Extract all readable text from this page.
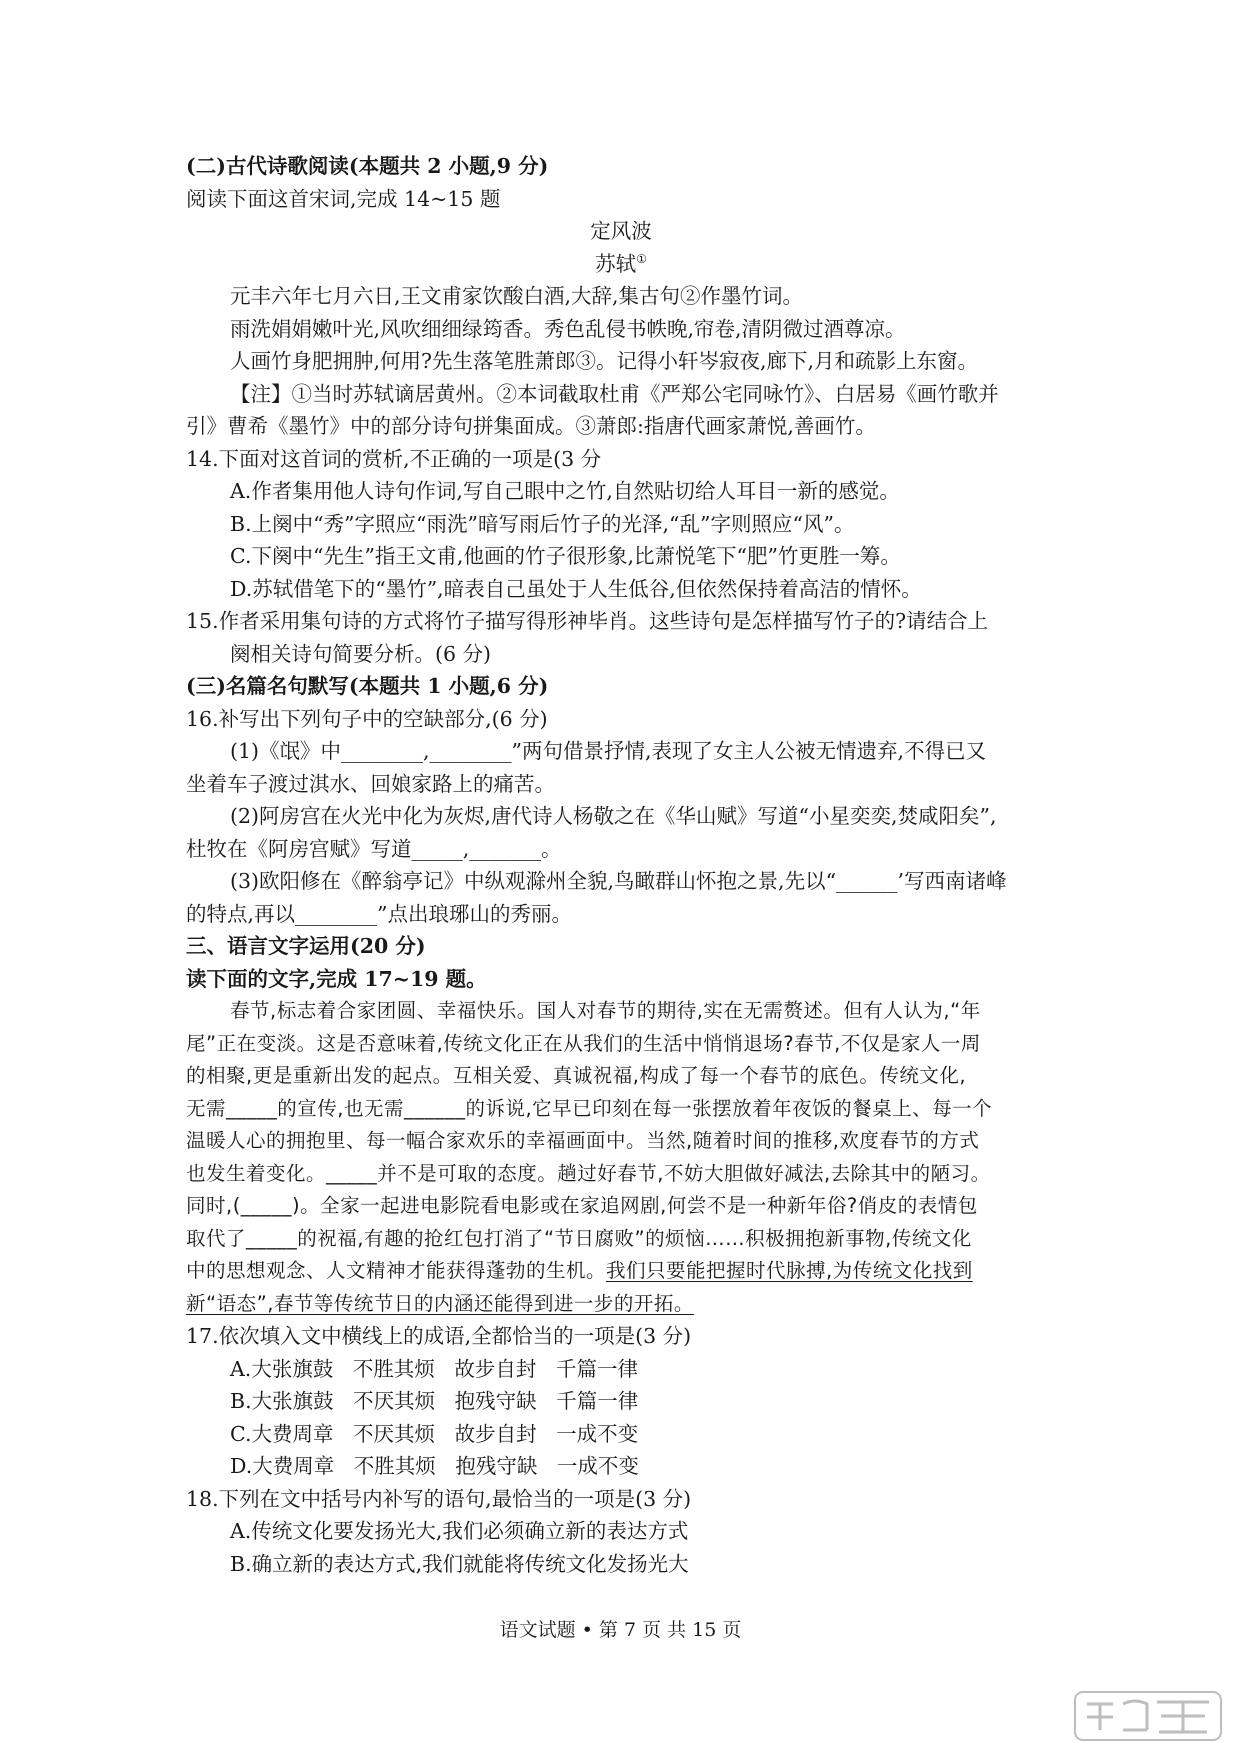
(二)古代诗歌阅读(本题共 2 小题,9 分)
阅读下面这首宋词,完成 14~15 题
定风波
苏轼①
元丰六年七月六日,王文甫家饮酸白酒,大辞,集古句②作墨竹词。
雨洗娟娟嫩叶光,风吹细细绿筠香。秀色乱侵书帙晚,帘卷,清阴微过酒尊凉。
人画竹身肥拥肿,何用?先生落笔胜萧郎③。记得小轩岑寂夜,廊下,月和疏影上东窗。
【注】①当时苏轼谪居黄州。②本词截取杜甫《严郑公宅同咏竹》、白居易《画竹歌并
引》曹希《墨竹》中的部分诗句拼集面成。③萧郎:指唐代画家萧悦,善画竹。
14.下面对这首词的赏析,不正确的一项是(3 分
A.作者集用他人诗句作词,写自己眼中之竹,自然贴切给人耳目一新的感觉。
B.上阕中“秀”字照应“雨洗”暗写雨后竹子的光泽,“乱”字则照应“风”。
C.下阕中“先生”指王文甫,他画的竹子很形象,比萧悦笔下“肥”竹更胜一筹。
D.苏轼借笔下的“墨竹”,暗表自己虽处于人生低谷,但依然保持着高洁的情怀。
15.作者采用集句诗的方式将竹子描写得形神毕肖。这些诗句是怎样描写竹子的?请结合上
阕相关诗句简要分析。(6 分)
(三)名篇名句默写(本题共 1 小题,6 分)
16.补写出下列句子中的空缺部分,(6 分)
(1)《氓》中________,________”两句借景抒情,表现了女主人公被无情遗弃,不得已又
坐着车子渡过淇水、回娘家路上的痛苦。
(2)阿房宫在火光中化为灰烬,唐代诗人杨敬之在《华山赋》写道“小星奕奕,焚咸阳矣”,
杜牧在《阿房宫赋》写道_____,_______。
(3)欧阳修在《醉翁亭记》中纵观滁州全貌,鸟瞰群山怀抱之景,先以“______’写西南诸峰
的特点,再以________”点出琅琊山的秀丽。
三、语言文字运用(20 分)
读下面的文字,完成 17~19 题。
春节,标志着合家团圆、幸福快乐。国人对春节的期待,实在无需赘述。但有人认为,“年
尾”正在变淡。这是否意味着,传统文化正在从我们的生活中悄悄退场?春节,不仅是家人一周
的相聚,更是重新出发的起点。互相关爱、真诚祝福,构成了每一个春节的底色。传统文化,
无需_____的宣传,也无需______的诉说,它早已印刻在每一张摆放着年夜饭的餐桌上、每一个
温暖人心的拥抱里、每一幅合家欢乐的幸福画面中。当然,随着时间的推移,欢度春节的方式
也发生着变化。_____并不是可取的态度。趟过好春节,不妨大胆做好减法,去除其中的陋习。
同时,(_____)。全家一起进电影院看电影或在家追网剧,何尝不是一种新年俗?俏皮的表情包
取代了_____的祝福,有趣的抢红包打消了“节日腐败”的烦恼……积极拥抱新事物,传统文化
中的思想观念、人文精神才能获得蓬勃的生机。我们只要能把握时代脉搏,为传统文化找到
新“语态”,春节等传统节日的内涵还能得到进一步的开拓。
17.依次填入文中横线上的成语,全都恰当的一项是(3 分)
A.大张旗鼓   不胜其烦   故步自封   千篇一律
B.大张旗鼓   不厌其烦   抱残守缺   千篇一律
C.大费周章   不厌其烦   故步自封   一成不变
D.大费周章   不胜其烦   抱残守缺   一成不变
18.下列在文中括号内补写的语句,最恰当的一项是(3 分)
A.传统文化要发扬光大,我们必须确立新的表达方式
B.确立新的表达方式,我们就能将传统文化发扬光大
语文试题 • 第 7 页 共 15 页
